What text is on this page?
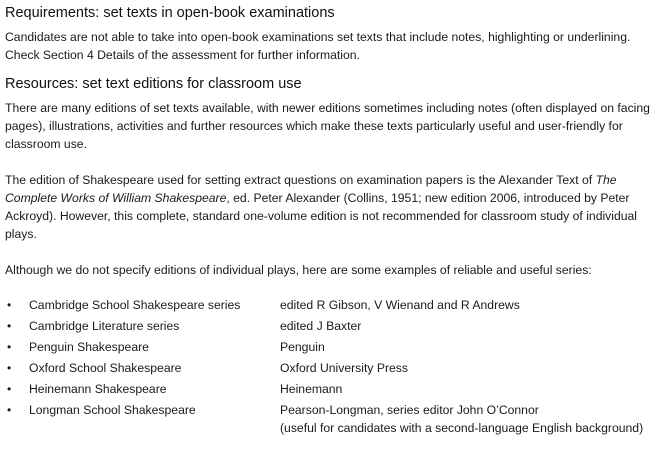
Requirements: set texts in open-book examinations

Candidates are not able to take into open-book examinations set texts that include notes, highlighting or underlining. Check Section 4 Details of the assessment for further information.

Resources: set text editions for classroom use

There are many editions of set texts available, with newer editions sometimes including notes (often displayed on facing pages), illustrations, activities and further resources which make these texts particularly useful and user-friendly for classroom use.

The edition of Shakespeare used for setting extract questions on examination papers is the Alexander Text of The Complete Works of William Shakespeare, ed. Peter Alexander (Collins, 1951; new edition 2006, introduced by Peter Ackroyd). However, this complete, standard one-volume edition is not recommended for classroom study of individual plays.

Although we do not specify editions of individual plays, here are some examples of reliable and useful series:

•	Cambridge School Shakespeare series	edited R Gibson, V Wienand and R Andrews
•	Cambridge Literature series	edited J Baxter
•	Penguin Shakespeare	Penguin
•	Oxford School Shakespeare	Oxford University Press
•	Heinemann Shakespeare	Heinemann
•	Longman School Shakespeare	Pearson-Longman, series editor John O’Connor
(useful for candidates with a second-language English background)
